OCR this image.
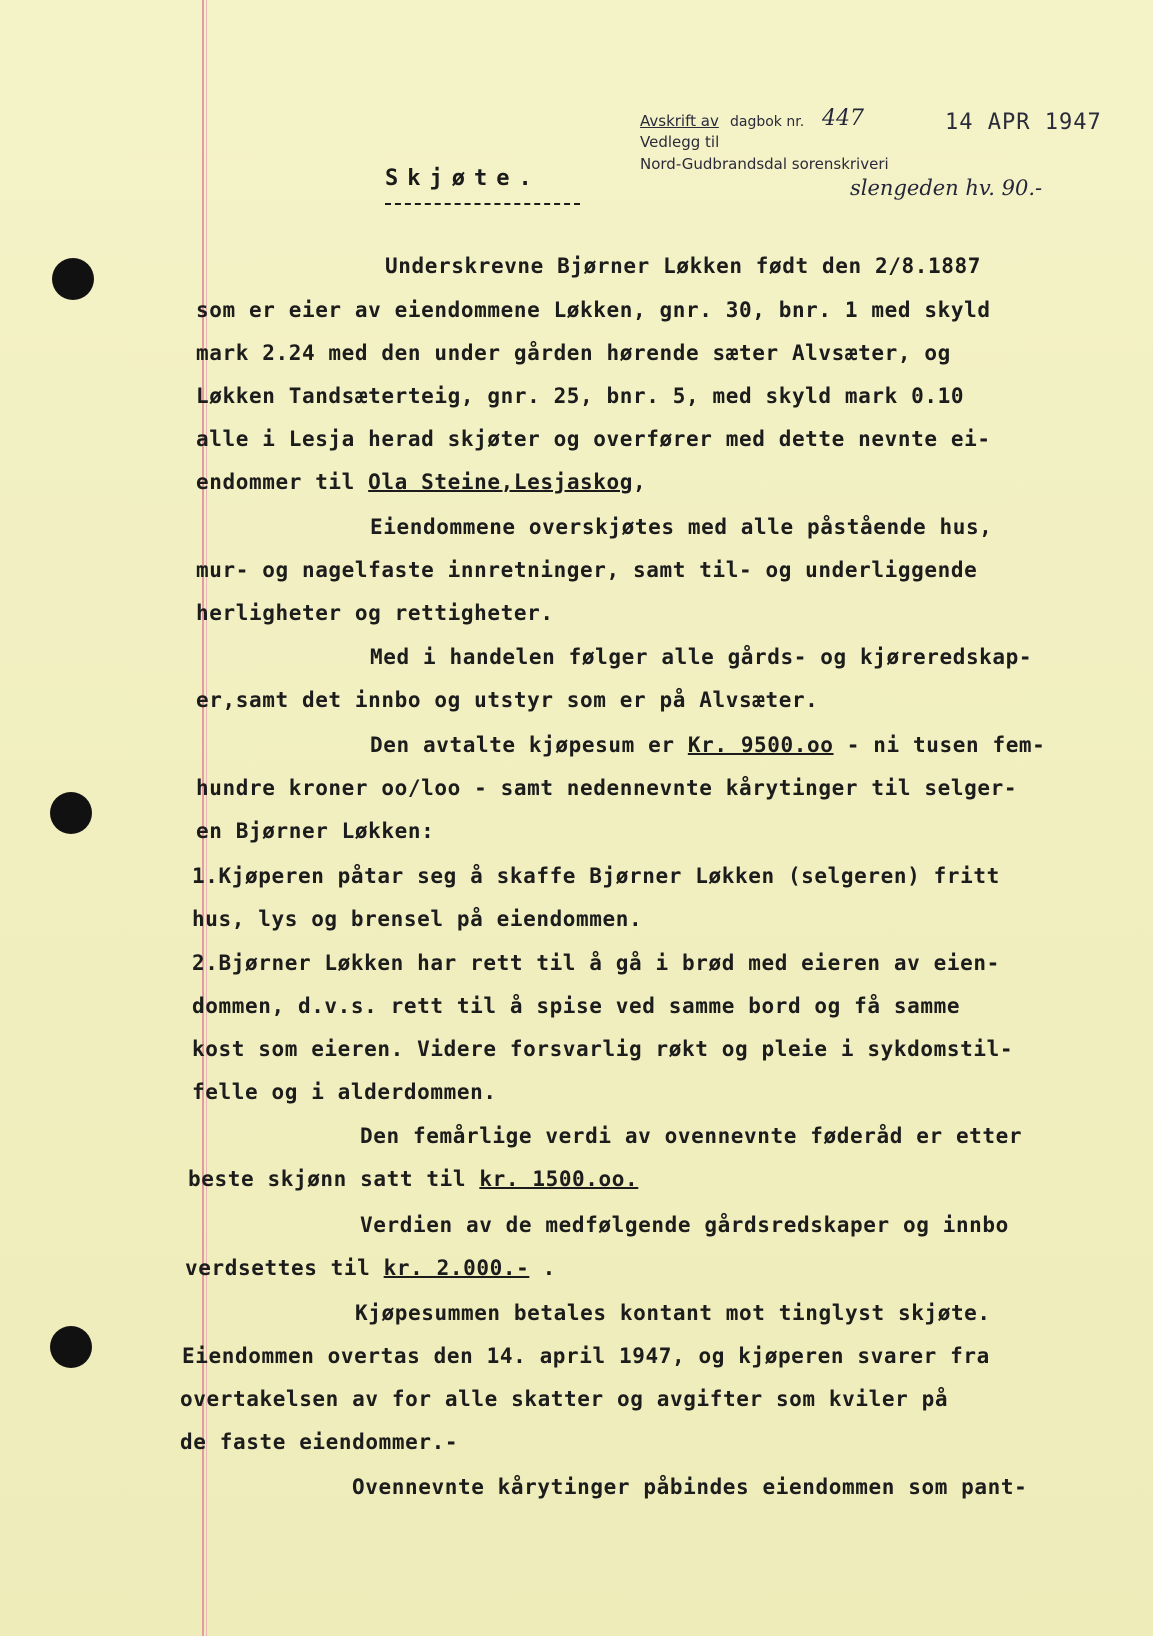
Avskrift av dagbok nr. 447
Vedlegg til
Nord-Gudbrandsdal sorenskriveri
slengeden hv. 90.-
14 APR 1947
Skjøte.
Underskrevne Bjørner Løkken født den 2/8.1887
som er eier av eiendommene Løkken, gnr. 30, bnr. 1 med skyld
mark 2.24 med den under gården hørende sæter Alvsæter, og
Løkken Tandsæterteig, gnr. 25, bnr. 5, med skyld mark 0.10
alle i Lesja herad skjøter og overfører med dette nevnte ei-
endommer til Ola Steine,Lesjaskog,
Eiendommene overskjøtes med alle påstående hus,
mur- og nagelfaste innretninger, samt til- og underliggende
herligheter og rettigheter.
Med i handelen følger alle gårds- og kjøreredskap-
er,samt det innbo og utstyr som er på Alvsæter.
Den avtalte kjøpesum er Kr. 9500.oo - ni tusen fem-
hundre kroner oo/loo - samt nedennevnte kårytinger til selger-
en Bjørner Løkken:
1.Kjøperen påtar seg å skaffe Bjørner Løkken (selgeren) fritt
hus, lys og brensel på eiendommen.
2.Bjørner Løkken har rett til å gå i brød med eieren av eien-
dommen, d.v.s. rett til å spise ved samme bord og få samme
kost som eieren. Videre forsvarlig røkt og pleie i sykdomstil-
felle og i alderdommen.
Den femårlige verdi av ovennevnte føderåd er etter
beste skjønn satt til kr. 1500.oo.
Verdien av de medfølgende gårdsredskaper og innbo
verdsettes til kr. 2.000.- .
Kjøpesummen betales kontant mot tinglyst skjøte.
Eiendommen overtas den 14. april 1947, og kjøperen svarer fra
overtakelsen av for alle skatter og avgifter som kviler på
de faste eiendommer.-
Ovennevnte kårytinger påbindes eiendommen som pant-
